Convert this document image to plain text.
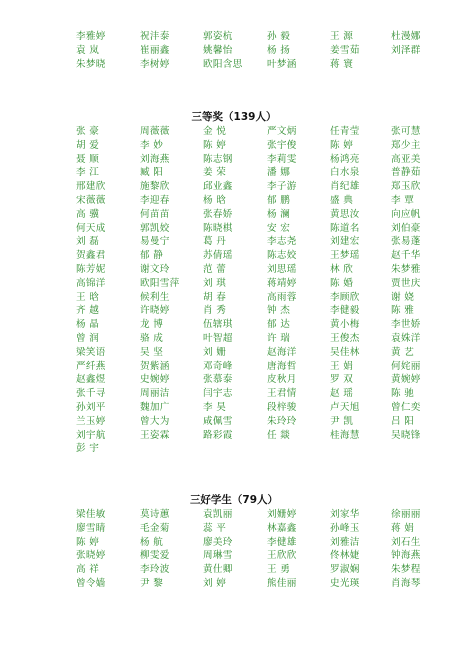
李雅婷	祝沣泰	郭姿杭	孙 毅	王 源	杜漫娜
袁 岚	崔丽鑫	姚馨怡	杨 扬	姜雪茹	刘泽群
朱梦晓	李树婷	欧阳含思	叶梦涵	蒋 寰
三等奖（139人）
张 豪	周薇薇	金 悦	严文炳	任青莹	张可慧
胡 爱	李 妙	陈 婷	张宇俊	陈 婷	郑少主
聂 顺	刘海燕	陈志钢	李莉雯	杨鸿亮	高亚美
李 江	臧 阳	姜 荣	潘 娜	白水泉	普静茹
邢建欣	施黎欣	邱业鑫	李子游	肖纪雄	郑玉欣
宋薇薇	李迎春	杨 晗	郁 鹏	盛 典	李 覃
高 骥	何苗苗	张春娇	杨 澜	黄思汝	向应帆
何天成	郭凯姣	陈晓棋	安 宏	陈道名	刘伯豪
刘 磊	易曼宁	葛 丹	李志尧	刘建宏	张易蓬
贺鑫君	郁 静	苏倩瑶	陈志姣	王梦瑶	赵千华
陈芳妮	谢文玲	范 蕾	刘思瑶	林 欣	朱梦雅
高锦洋	欧阳雪萍	刘 琪	蒋靖婷	陈 婚	贾世庆
王 晗	候利生	胡 春	高雨蓉	李顾欣	谢 娆
齐 越	许晓婷	肖 秀	钟 杰	李健毅	陈 雅
杨 晶	龙 博	伍辖琪	郁 达	黄小梅	李世娇
曾 润	骆 成	叶智超	许 瑞	王俊杰	袁姝洋
梁笑语	吴 坚	刘 姗	赵海洋	吴佳林	黄 艺
严纤燕	贺紫涵	邓奇峰	唐海哲	王 娟	何姹丽
赵鑫煜	史婉婷	张慕泰	皮秋月	罗 双	黄婉婷
张千寻	周丽洁	闫宇志	王君情	赵 瑶	陈 驰
孙刘平	魏加广	李 昊	段梓骏	卢天旭	曾仁奕
兰玉婷	曾大为	咸佩雪	朱玲玲	尹 凯	吕 阳
刘宇航	王姿霖	路彩霞	任 燚	桂海慧	吴晓锋
彭 宇
三好学生（79人）
梁佳敏	莫诗蕙	袁凯丽	刘姗婷	刘家华	徐丽丽
廖雪睛	毛金菊	蕊 平	林嘉鑫	孙峰玉	蒋 娟
陈 婷	杨 航	廖美玲	李健雄	刘雅洁	刘石生
张晓婷	柳雯爱	周琳雪	王欣欣	佟林婕	钟海燕
高 祥	李玲波	黄仕卿	王 勇	罗淑娴	朱梦程
曾令嫱	尹 黎	刘 婷	熊佳丽	史光瑛	肖海琴
